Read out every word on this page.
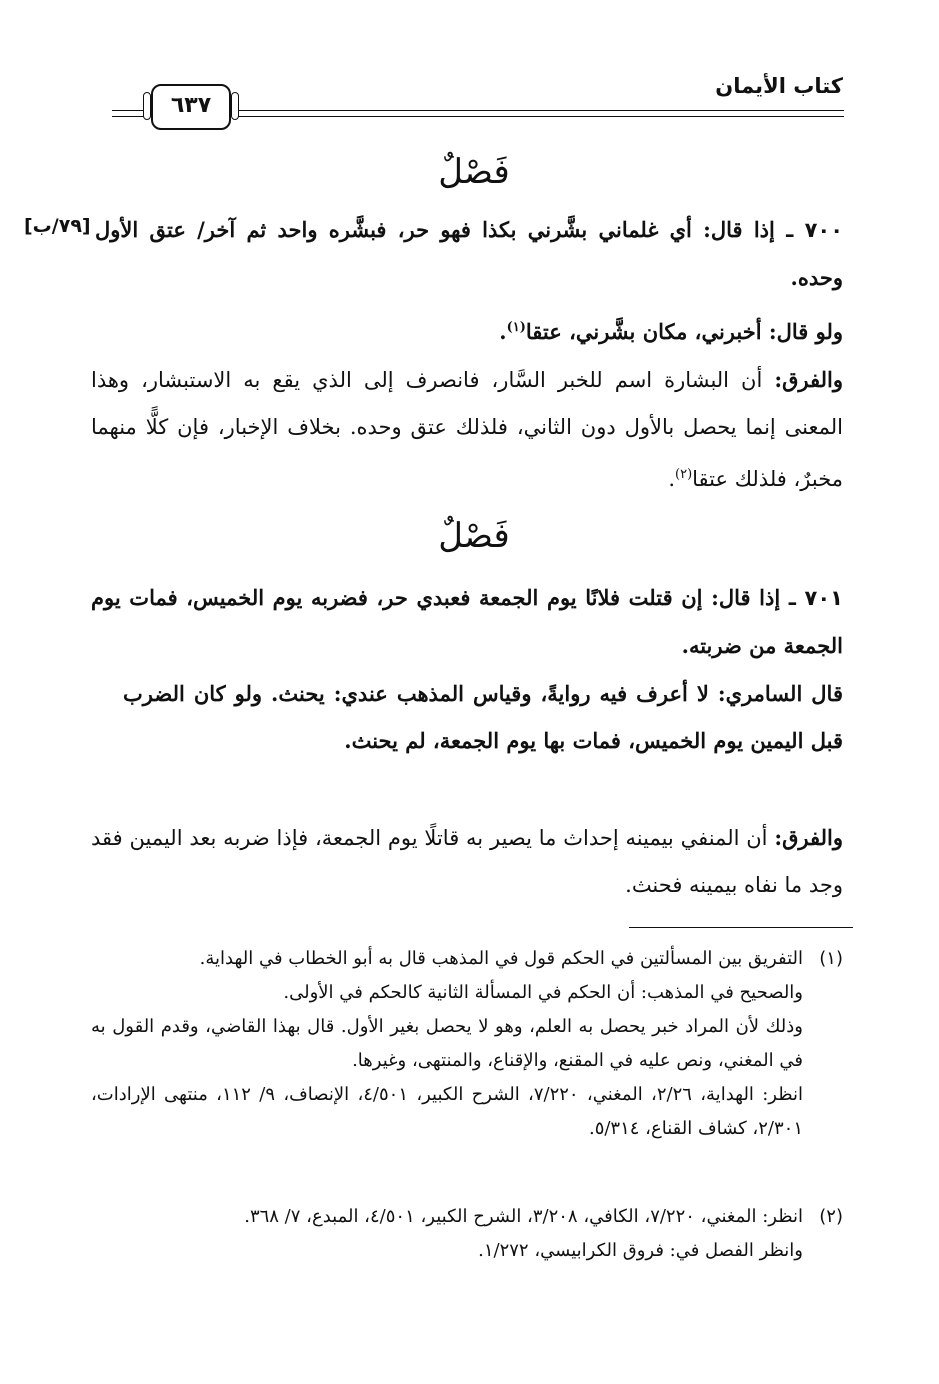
كتاب الأيمان
٦٣٧
فَصْلٌ
[٧٩/ب]	٧٠٠ ـ إذا قال: أي غلماني بشَّرني بكذا فهو حر، فبشَّره واحد ثم آخر/ عتق الأول وحده.
ولو قال: أخبرني، مكان بشَّرني، عتقا$^{(١)}$.
والفرق: أن البشارة اسم للخبر السَّار، فانصرف إلى الذي يقع به الاستبشار، وهذا المعنى إنما يحصل بالأول دون الثاني، فلذلك عتق وحده. بخلاف الإخبار، فإن كلًّا منهما مخبرٌ، فلذلك عتقا$^{(٢)}$.
فَصْلٌ
٧٠١ ـ إذا قال: إن قتلت فلانًا يوم الجمعة فعبدي حر، فضربه يوم الخميس، فمات يوم الجمعة من ضربته.
قال السامري: لا أعرف فيه روايةً، وقياس المذهب عندي: يحنث. ولو كان الضرب قبل اليمين يوم الخميس، فمات بها يوم الجمعة، لم يحنث.
والفرق: أن المنفي بيمينه إحداث ما يصير به قاتلًا يوم الجمعة، فإذا ضربه بعد اليمين فقد وجد ما نفاه بيمينه فحنث.
(١)التفريق بين المسألتين في الحكم قول في المذهب قال به أبو الخطاب في الهداية.
والصحيح في المذهب: أن الحكم في المسألة الثانية كالحكم في الأولى.
وذلك لأن المراد خبر يحصل به العلم، وهو لا يحصل بغير الأول. قال بهذا القاضي، وقدم القول به في المغني، ونص عليه في المقنع، والإقناع، والمنتهى، وغيرها.
انظر: الهداية، ٢/٢٦، المغني، ٧/٢٢٠، الشرح الكبير، ٤/٥٠١، الإنصاف، ٩/ ١١٢، منتهى الإرادات، ٢/٣٠١، كشاف القناع، ٥/٣١٤.
(٢)انظر: المغني، ٧/٢٢٠، الكافي، ٣/٢٠٨، الشرح الكبير، ٤/٥٠١، المبدع، ٧/ ٣٦٨.
وانظر الفصل في: فروق الكرابيسي، ١/٢٧٢.
